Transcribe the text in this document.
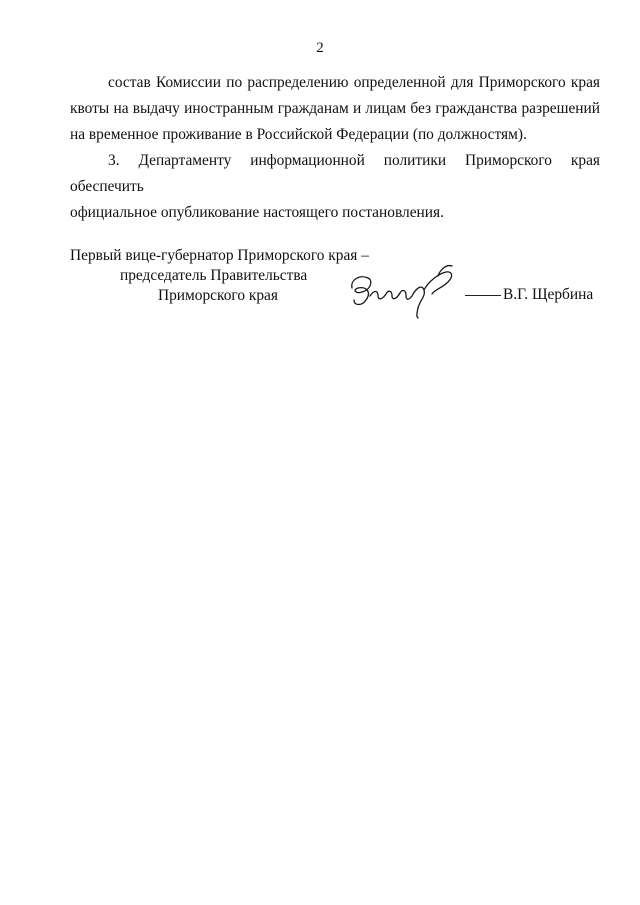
2

состав Комиссии по распределению определенной для Приморского края
квоты на выдачу иностранным гражданам и лицам без гражданства разрешений
на временное проживание в Российской Федерации (по должностям).

3. Департаменту информационной политики Приморского края обеспечить
официальное опубликование настоящего постановления.

Первый вице-губернатор Приморского края –
председатель Правительства
Приморского края	В.Г. Щербина
